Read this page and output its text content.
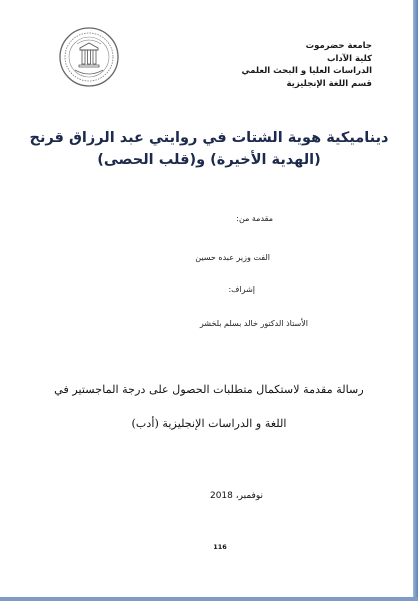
جامعة حضرموت
كلية الآداب
الدراسات العليا و البحث العلمي
قسم اللغة الإنجليزية
ديناميكية هوية الشتات في روايتي عبد الرزاق قرنح
(الهدية الأخيرة) و(قلب الحصى)
مقدمة من:
الفت وزير عبده حسين
إشراف:
الأستاذ الدكتور خالد بسلم بلخشر
رسالة مقدمة لاستكمال متطلبات الحصول على درجة الماجستير في
اللغة و الدراسات الإنجليزية (أدب)
نوفمبر، 2018
116
